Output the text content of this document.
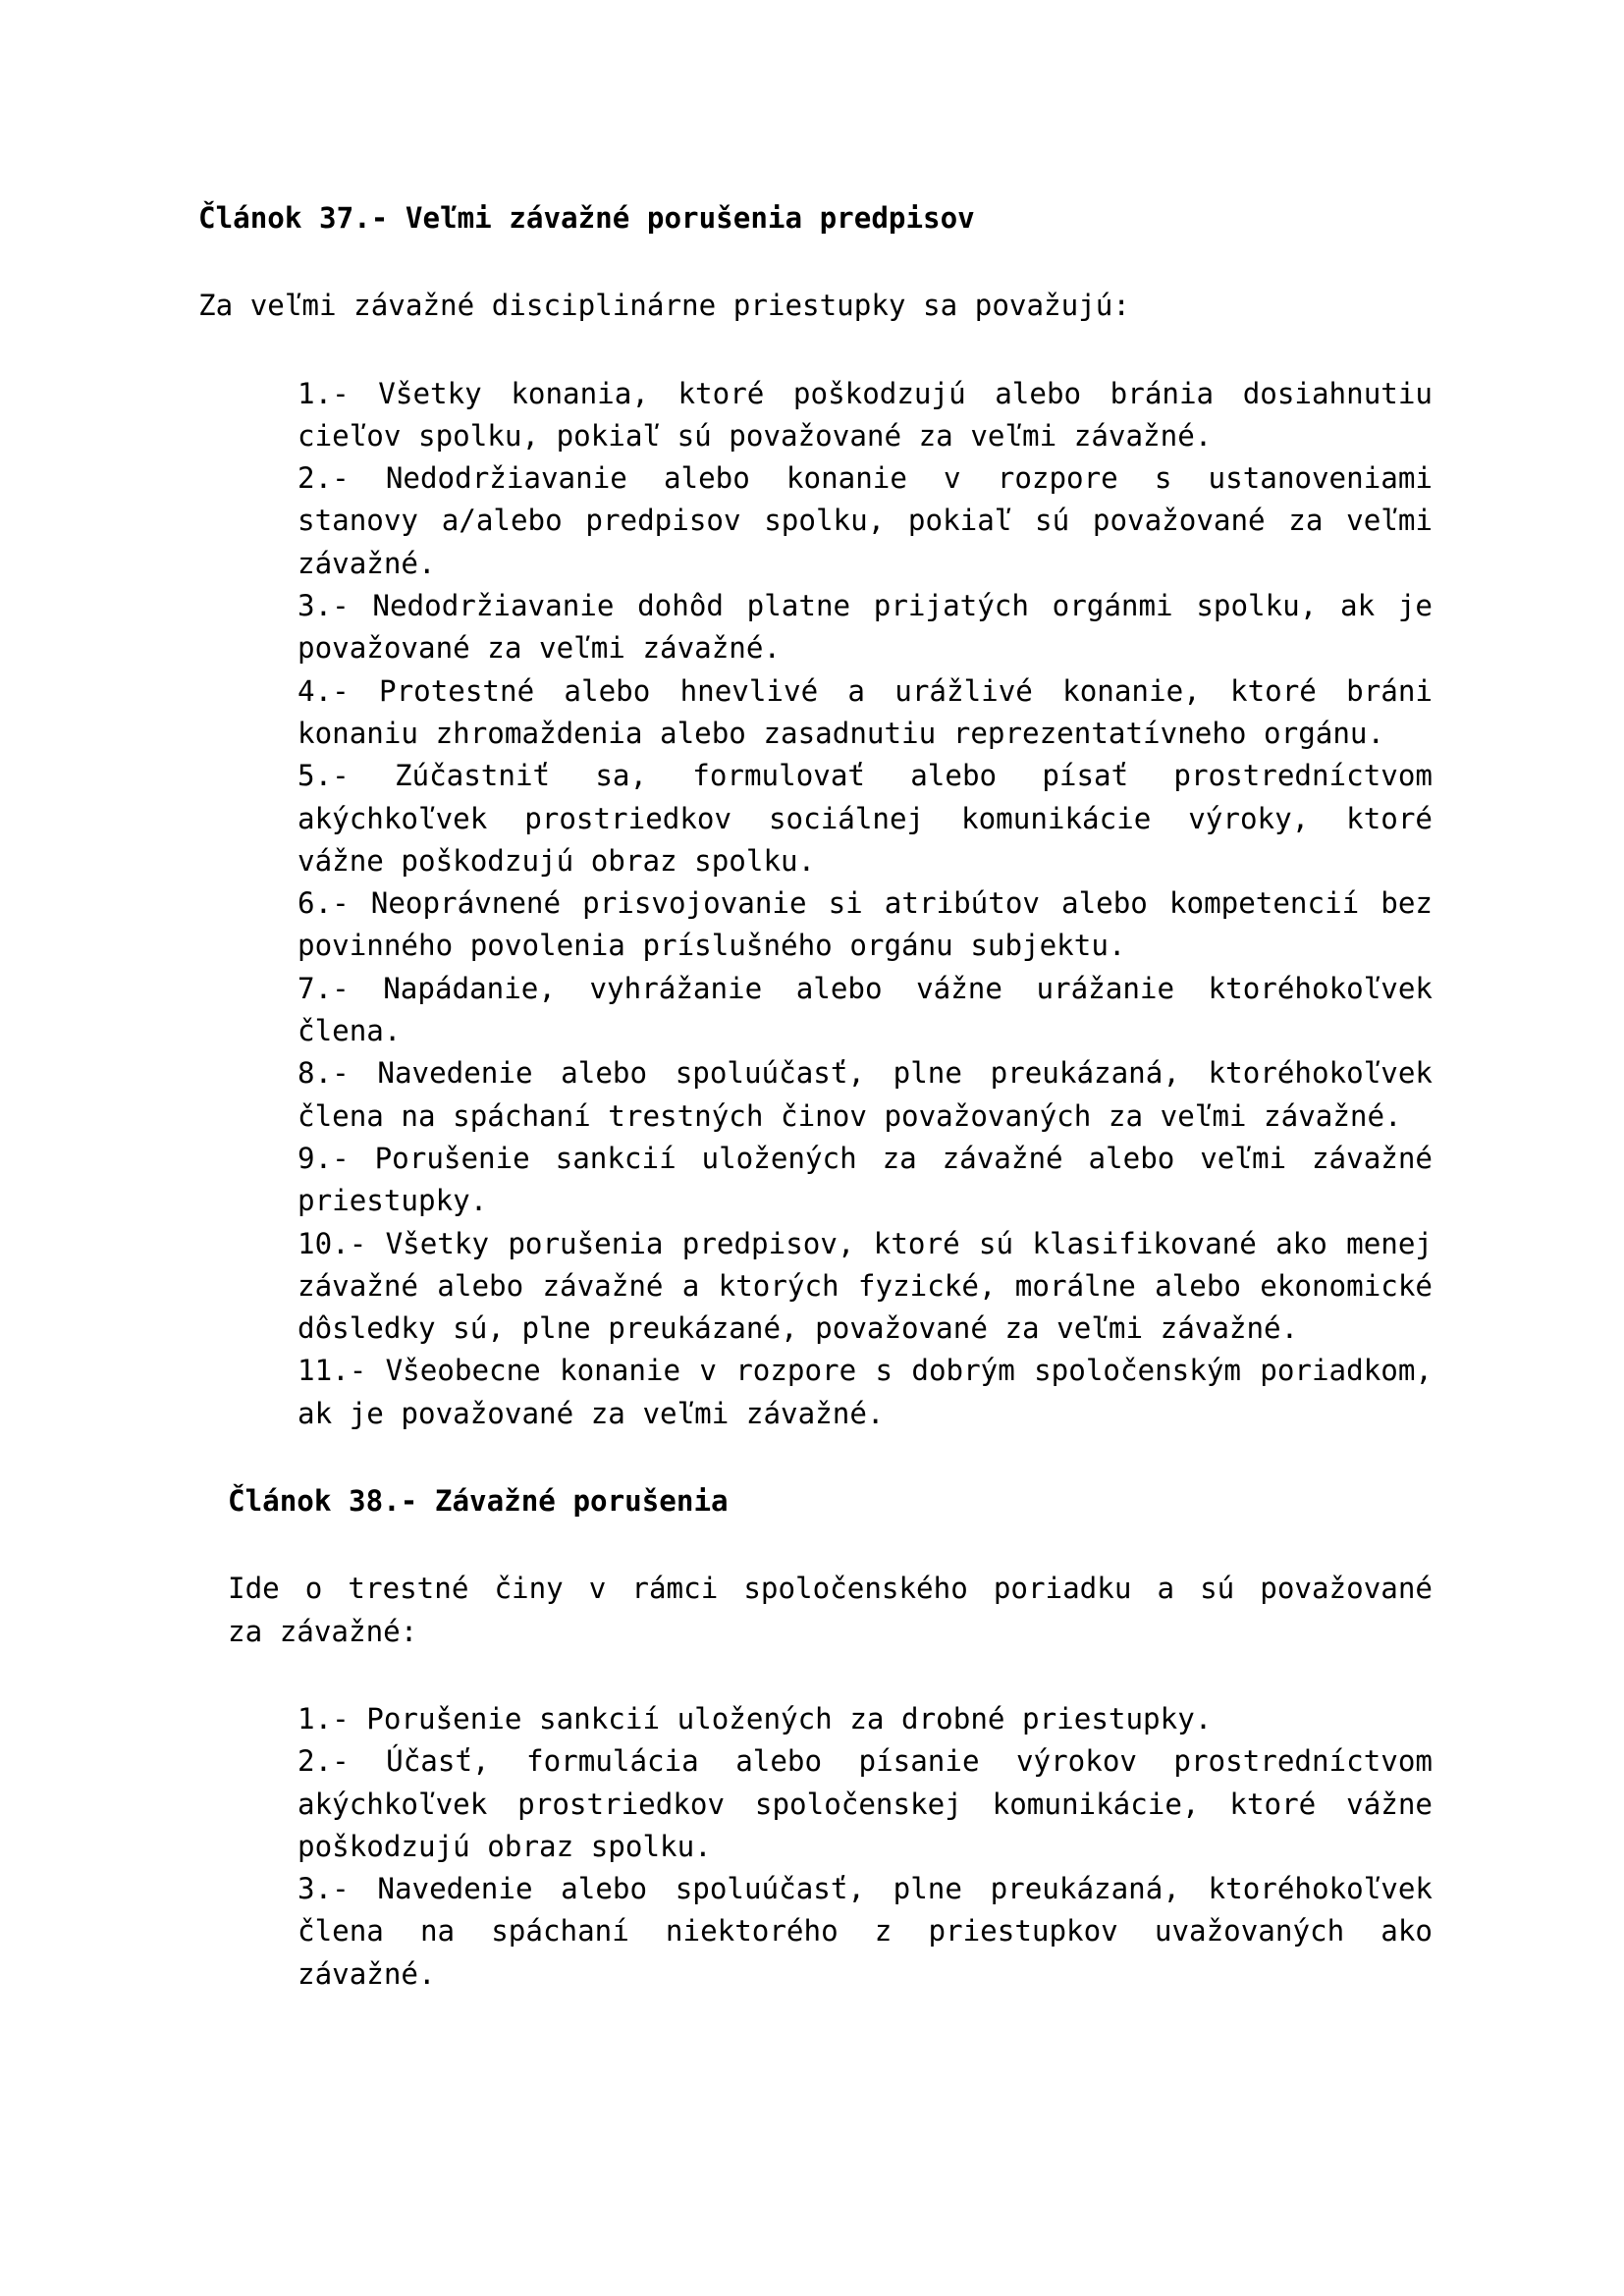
Článok 37.- Veľmi závažné porušenia predpisov

Za veľmi závažné disciplinárne priestupky sa považujú:

1.- Všetky konania, ktoré poškodzujú alebo bránia dosiahnutiu
cieľov spolku, pokiaľ sú považované za veľmi závažné.
2.- Nedodržiavanie alebo konanie v rozpore s ustanoveniami
stanovy a/alebo predpisov spolku, pokiaľ sú považované za veľmi
závažné.
3.- Nedodržiavanie dohôd platne prijatých orgánmi spolku, ak je
považované za veľmi závažné.
4.- Protestné alebo hnevlivé a urážlivé konanie, ktoré bráni
konaniu zhromaždenia alebo zasadnutiu reprezentatívneho orgánu.
5.- Zúčastniť sa, formulovať alebo písať prostredníctvom
akýchkoľvek prostriedkov sociálnej komunikácie výroky, ktoré
vážne poškodzujú obraz spolku.
6.- Neoprávnené prisvojovanie si atribútov alebo kompetencií bez
povinného povolenia príslušného orgánu subjektu.
7.- Napádanie, vyhrážanie alebo vážne urážanie ktoréhokoľvek
člena.
8.- Navedenie alebo spoluúčasť, plne preukázaná, ktoréhokoľvek
člena na spáchaní trestných činov považovaných za veľmi závažné.
9.- Porušenie sankcií uložených za závažné alebo veľmi závažné
priestupky.
10.- Všetky porušenia predpisov, ktoré sú klasifikované ako menej
závažné alebo závažné a ktorých fyzické, morálne alebo ekonomické
dôsledky sú, plne preukázané, považované za veľmi závažné.
11.- Všeobecne konanie v rozpore s dobrým spoločenským poriadkom,
ak je považované za veľmi závažné.
Článok 38.- Závažné porušenia

Ide o trestné činy v rámci spoločenského poriadku a sú považované
za závažné:

1.- Porušenie sankcií uložených za drobné priestupky.
2.- Účasť, formulácia alebo písanie výrokov prostredníctvom
akýchkoľvek prostriedkov spoločenskej komunikácie, ktoré vážne
poškodzujú obraz spolku.
3.- Navedenie alebo spoluúčasť, plne preukázaná, ktoréhokoľvek
člena na spáchaní niektorého z priestupkov uvažovaných ako
závažné.
